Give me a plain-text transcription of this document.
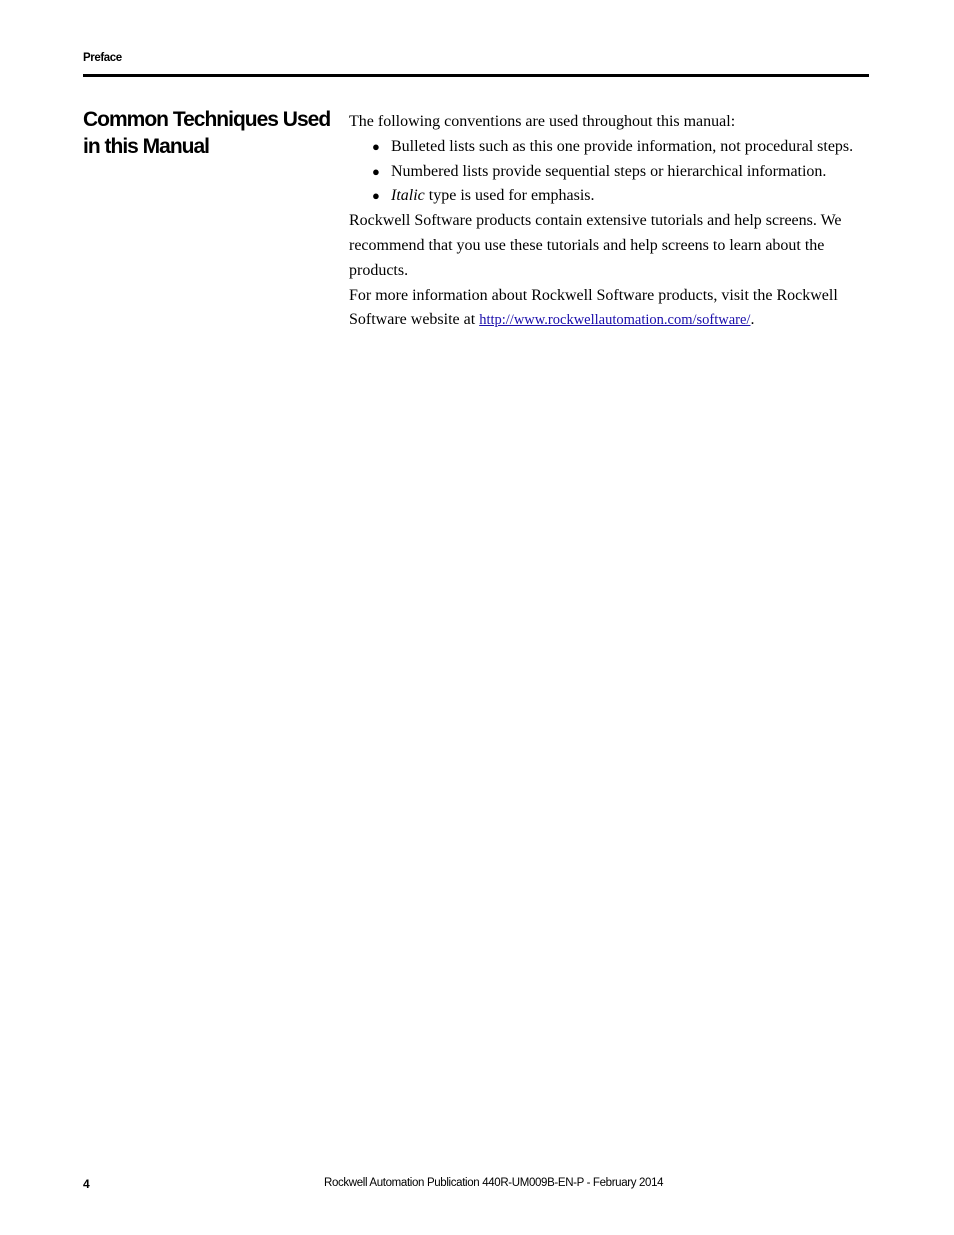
Preface
Common Techniques Used in this Manual

The following conventions are used throughout this manual:

● Bulleted lists such as this one provide information, not procedural steps.
● Numbered lists provide sequential steps or hierarchical information.
● Italic type is used for emphasis.

Rockwell Software products contain extensive tutorials and help screens. We recommend that you use these tutorials and help screens to learn about the products.

For more information about Rockwell Software products, visit the Rockwell Software website at http://www.rockwellautomation.com/software/.

4	Rockwell Automation Publication 440R-UM009B-EN-P - February 2014
